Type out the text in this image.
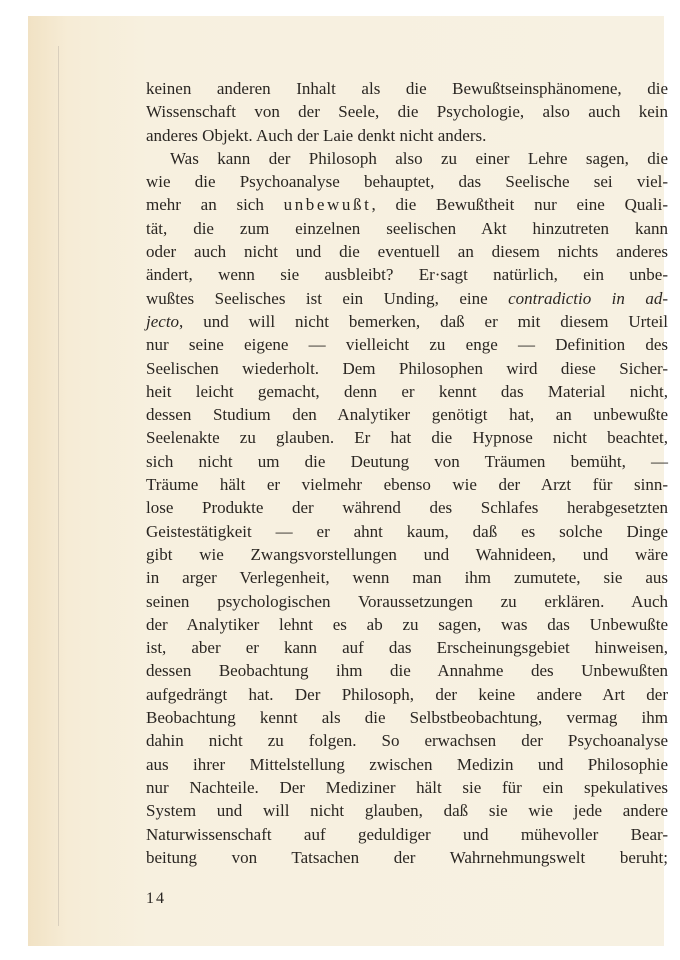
keinen anderen Inhalt als die Bewußtseinsphänomene, die
Wissenschaft von der Seele, die Psychologie, also auch kein
anderes Objekt. Auch der Laie denkt nicht anders.
Was kann der Philosoph also zu einer Lehre sagen, die
wie die Psychoanalyse behauptet, das Seelische sei viel-
mehr an sich unbewußt, die Bewußtheit nur eine Quali-
tät, die zum einzelnen seelischen Akt hinzutreten kann
oder auch nicht und die eventuell an diesem nichts anderes
ändert, wenn sie ausbleibt? Er·sagt natürlich, ein unbe-
wußtes Seelisches ist ein Unding, eine contradictio in ad-
jecto, und will nicht bemerken, daß er mit diesem Urteil
nur seine eigene — vielleicht zu enge — Definition des
Seelischen wiederholt. Dem Philosophen wird diese Sicher-
heit leicht gemacht, denn er kennt das Material nicht,
dessen Studium den Analytiker genötigt hat, an unbewußte
Seelenakte zu glauben. Er hat die Hypnose nicht beachtet,
sich nicht um die Deutung von Träumen bemüht, —
Träume hält er vielmehr ebenso wie der Arzt für sinn-
lose Produkte der während des Schlafes herabgesetzten
Geistestätigkeit — er ahnt kaum, daß es solche Dinge
gibt wie Zwangsvorstellungen und Wahnideen, und wäre
in arger Verlegenheit, wenn man ihm zumutete, sie aus
seinen psychologischen Voraussetzungen zu erklären. Auch
der Analytiker lehnt es ab zu sagen, was das Unbewußte
ist, aber er kann auf das Erscheinungsgebiet hinweisen,
dessen Beobachtung ihm die Annahme des Unbewußten
aufgedrängt hat. Der Philosoph, der keine andere Art der
Beobachtung kennt als die Selbstbeobachtung, vermag ihm
dahin nicht zu folgen. So erwachsen der Psychoanalyse
aus ihrer Mittelstellung zwischen Medizin und Philosophie
nur Nachteile. Der Mediziner hält sie für ein spekulatives
System und will nicht glauben, daß sie wie jede andere
Naturwissenschaft auf geduldiger und mühevoller Bear-
beitung von Tatsachen der Wahrnehmungswelt beruht;
14
